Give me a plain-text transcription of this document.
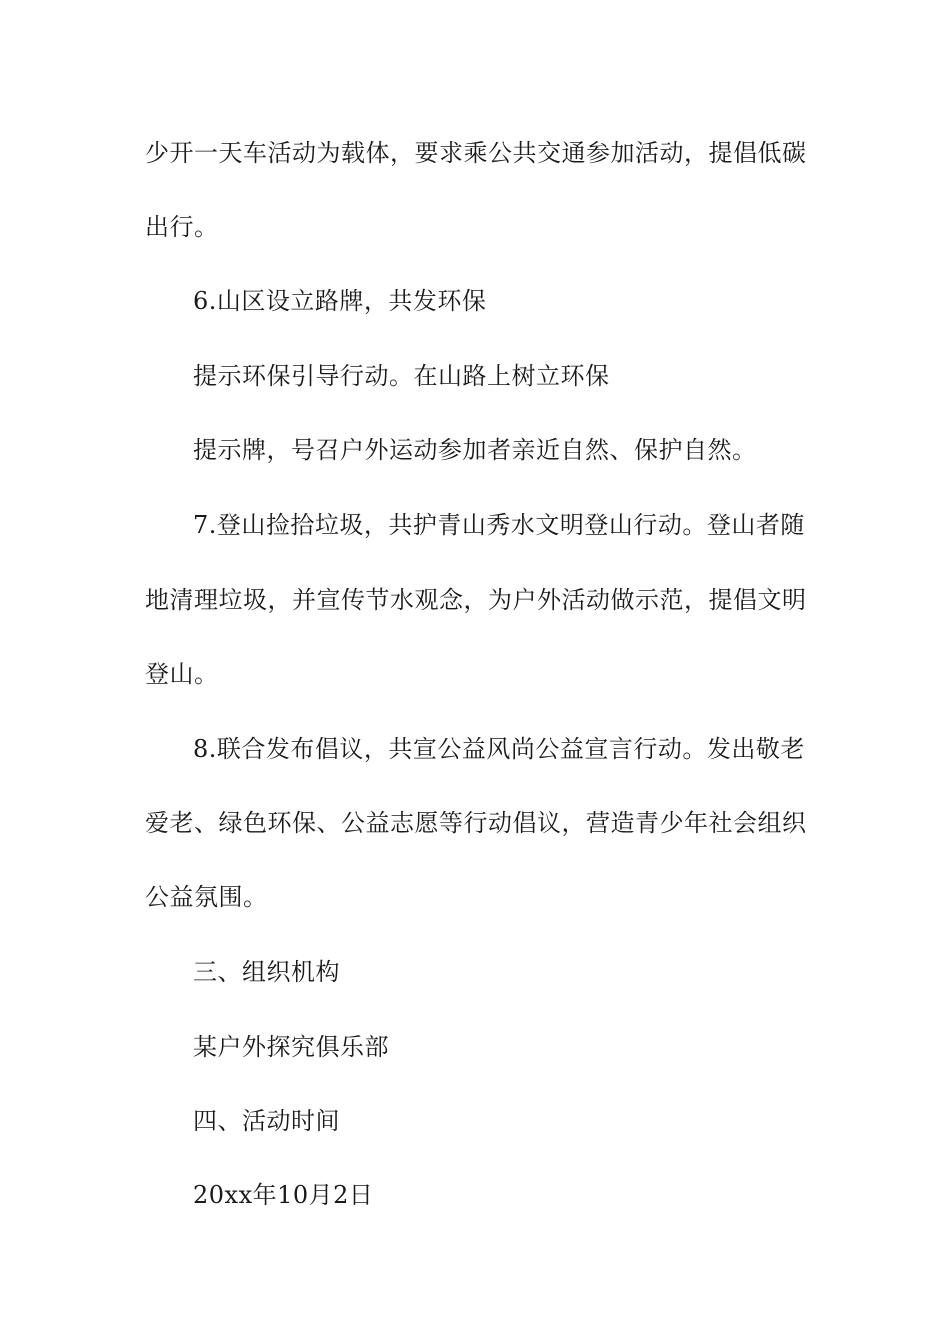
少开一天车活动为载体，要求乘公共交通参加活动，提倡低碳
出行。
6.山区设立路牌，共发环保
提示环保引导行动。在山路上树立环保
提示牌，号召户外运动参加者亲近自然、保护自然。
7.登山捡拾垃圾，共护青山秀水文明登山行动。登山者随
地清理垃圾，并宣传节水观念，为户外活动做示范，提倡文明
登山。
8.联合发布倡议，共宣公益风尚公益宣言行动。发出敬老
爱老、绿色环保、公益志愿等行动倡议，营造青少年社会组织
公益氛围。
三、组织机构
某户外探究俱乐部
四、活动时间
20xx年10月2日
